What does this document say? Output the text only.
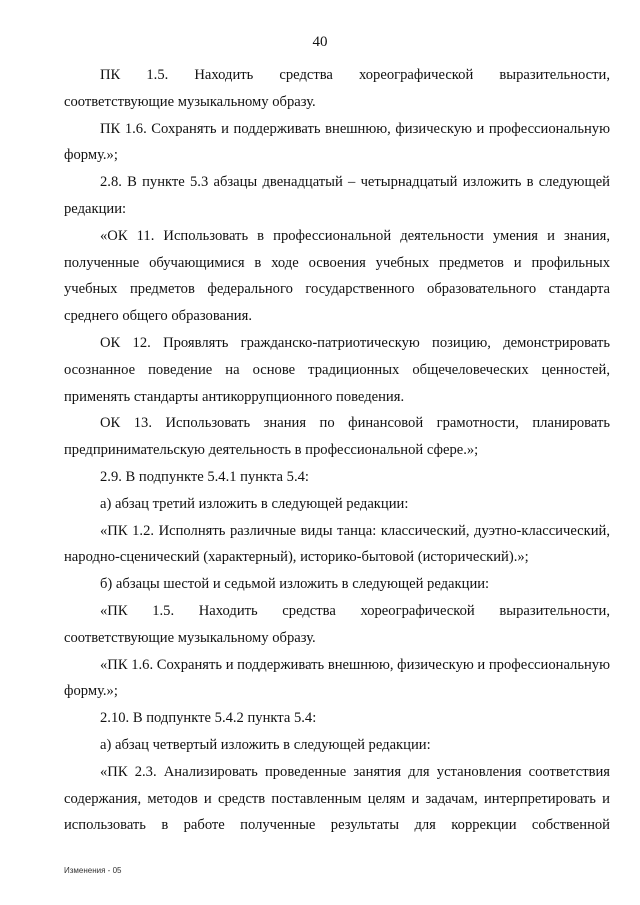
40

ПК 1.5. Находить средства хореографической выразительности, соответствующие музыкальному образу.

ПК 1.6. Сохранять и поддерживать внешнюю, физическую и профессиональную форму.»;

2.8. В пункте 5.3 абзацы двенадцатый – четырнадцатый изложить в следующей редакции:

«ОК 11. Использовать в профессиональной деятельности умения и знания, полученные обучающимися в ходе освоения учебных предметов и профильных учебных предметов федерального государственного образовательного стандарта среднего общего образования.

ОК 12. Проявлять гражданско-патриотическую позицию, демонстрировать осознанное поведение на основе традиционных общечеловеческих ценностей, применять стандарты антикоррупционного поведения.

ОК 13. Использовать знания по финансовой грамотности, планировать предпринимательскую деятельность в профессиональной сфере.»;

2.9. В подпункте 5.4.1 пункта 5.4:

а) абзац третий изложить в следующей редакции:

«ПК 1.2. Исполнять различные виды танца: классический, дуэтно-классический, народно-сценический (характерный), историко-бытовой (исторический).»;

б) абзацы шестой и седьмой изложить в следующей редакции:

«ПК 1.5. Находить средства хореографической выразительности, соответствующие музыкальному образу.

«ПК 1.6. Сохранять и поддерживать внешнюю, физическую и профессиональную форму.»;

2.10. В подпункте 5.4.2 пункта 5.4:

а) абзац четвертый изложить в следующей редакции:

«ПК 2.3. Анализировать проведенные занятия для установления соответствия содержания, методов и средств поставленным целям и задачам, интерпретировать и использовать в работе полученные результаты для коррекции собственной

Изменения - 05
